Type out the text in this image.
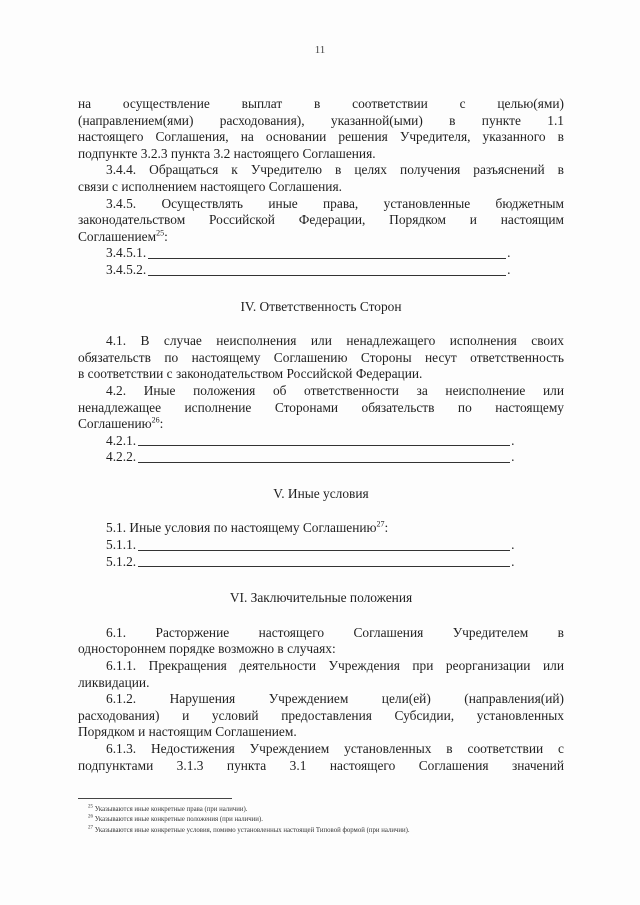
11

на осуществление выплат в соответствии с целью(ями)

(направлением(ями) расходования), указанной(ыми) в пункте 1.1

настоящего Соглашения, на основании решения Учредителя, указанного в

подпункте 3.2.3 пункта 3.2 настоящего Соглашения.

3.4.4. Обращаться к Учредителю в целях получения разъяснений в

связи с исполнением настоящего Соглашения.

3.4.5. Осуществлять иные права, установленные бюджетным

законодательством Российской Федерации, Порядком и настоящим

Соглашением$^{25}$:

3.4.5.1.	.
3.4.5.2.	.

IV. Ответственность Сторон

4.1. В случае неисполнения или ненадлежащего исполнения своих

обязательств по настоящему Соглашению Стороны несут ответственность

в соответствии с законодательством Российской Федерации.

4.2. Иные положения об ответственности за неисполнение или

ненадлежащее исполнение Сторонами обязательств по настоящему

Соглашению$^{26}$:

4.2.1.	.
4.2.2.	.

V. Иные условия

5.1. Иные условия по настоящему Соглашению$^{27}$:

5.1.1.	.
5.1.2.	.

VI. Заключительные положения

6.1. Расторжение настоящего Соглашения Учредителем в

одностороннем порядке возможно в случаях:

6.1.1. Прекращения деятельности Учреждения при реорганизации или

ликвидации.

6.1.2. Нарушения Учреждением цели(ей) (направления(ий)

расходования) и условий предоставления Субсидии, установленных

Порядком и настоящим Соглашением.

6.1.3. Недостижения Учреждением установленных в соответствии с

подпунктами 3.1.3 пункта 3.1 настоящего Соглашения значений

$^{25}$ Указываются иные конкретные права (при наличии).
$^{26}$ Указываются иные конкретные положения (при наличии).
$^{27}$ Указываются иные конкретные условия, помимо установленных настоящей Типовой формой (при наличии).
